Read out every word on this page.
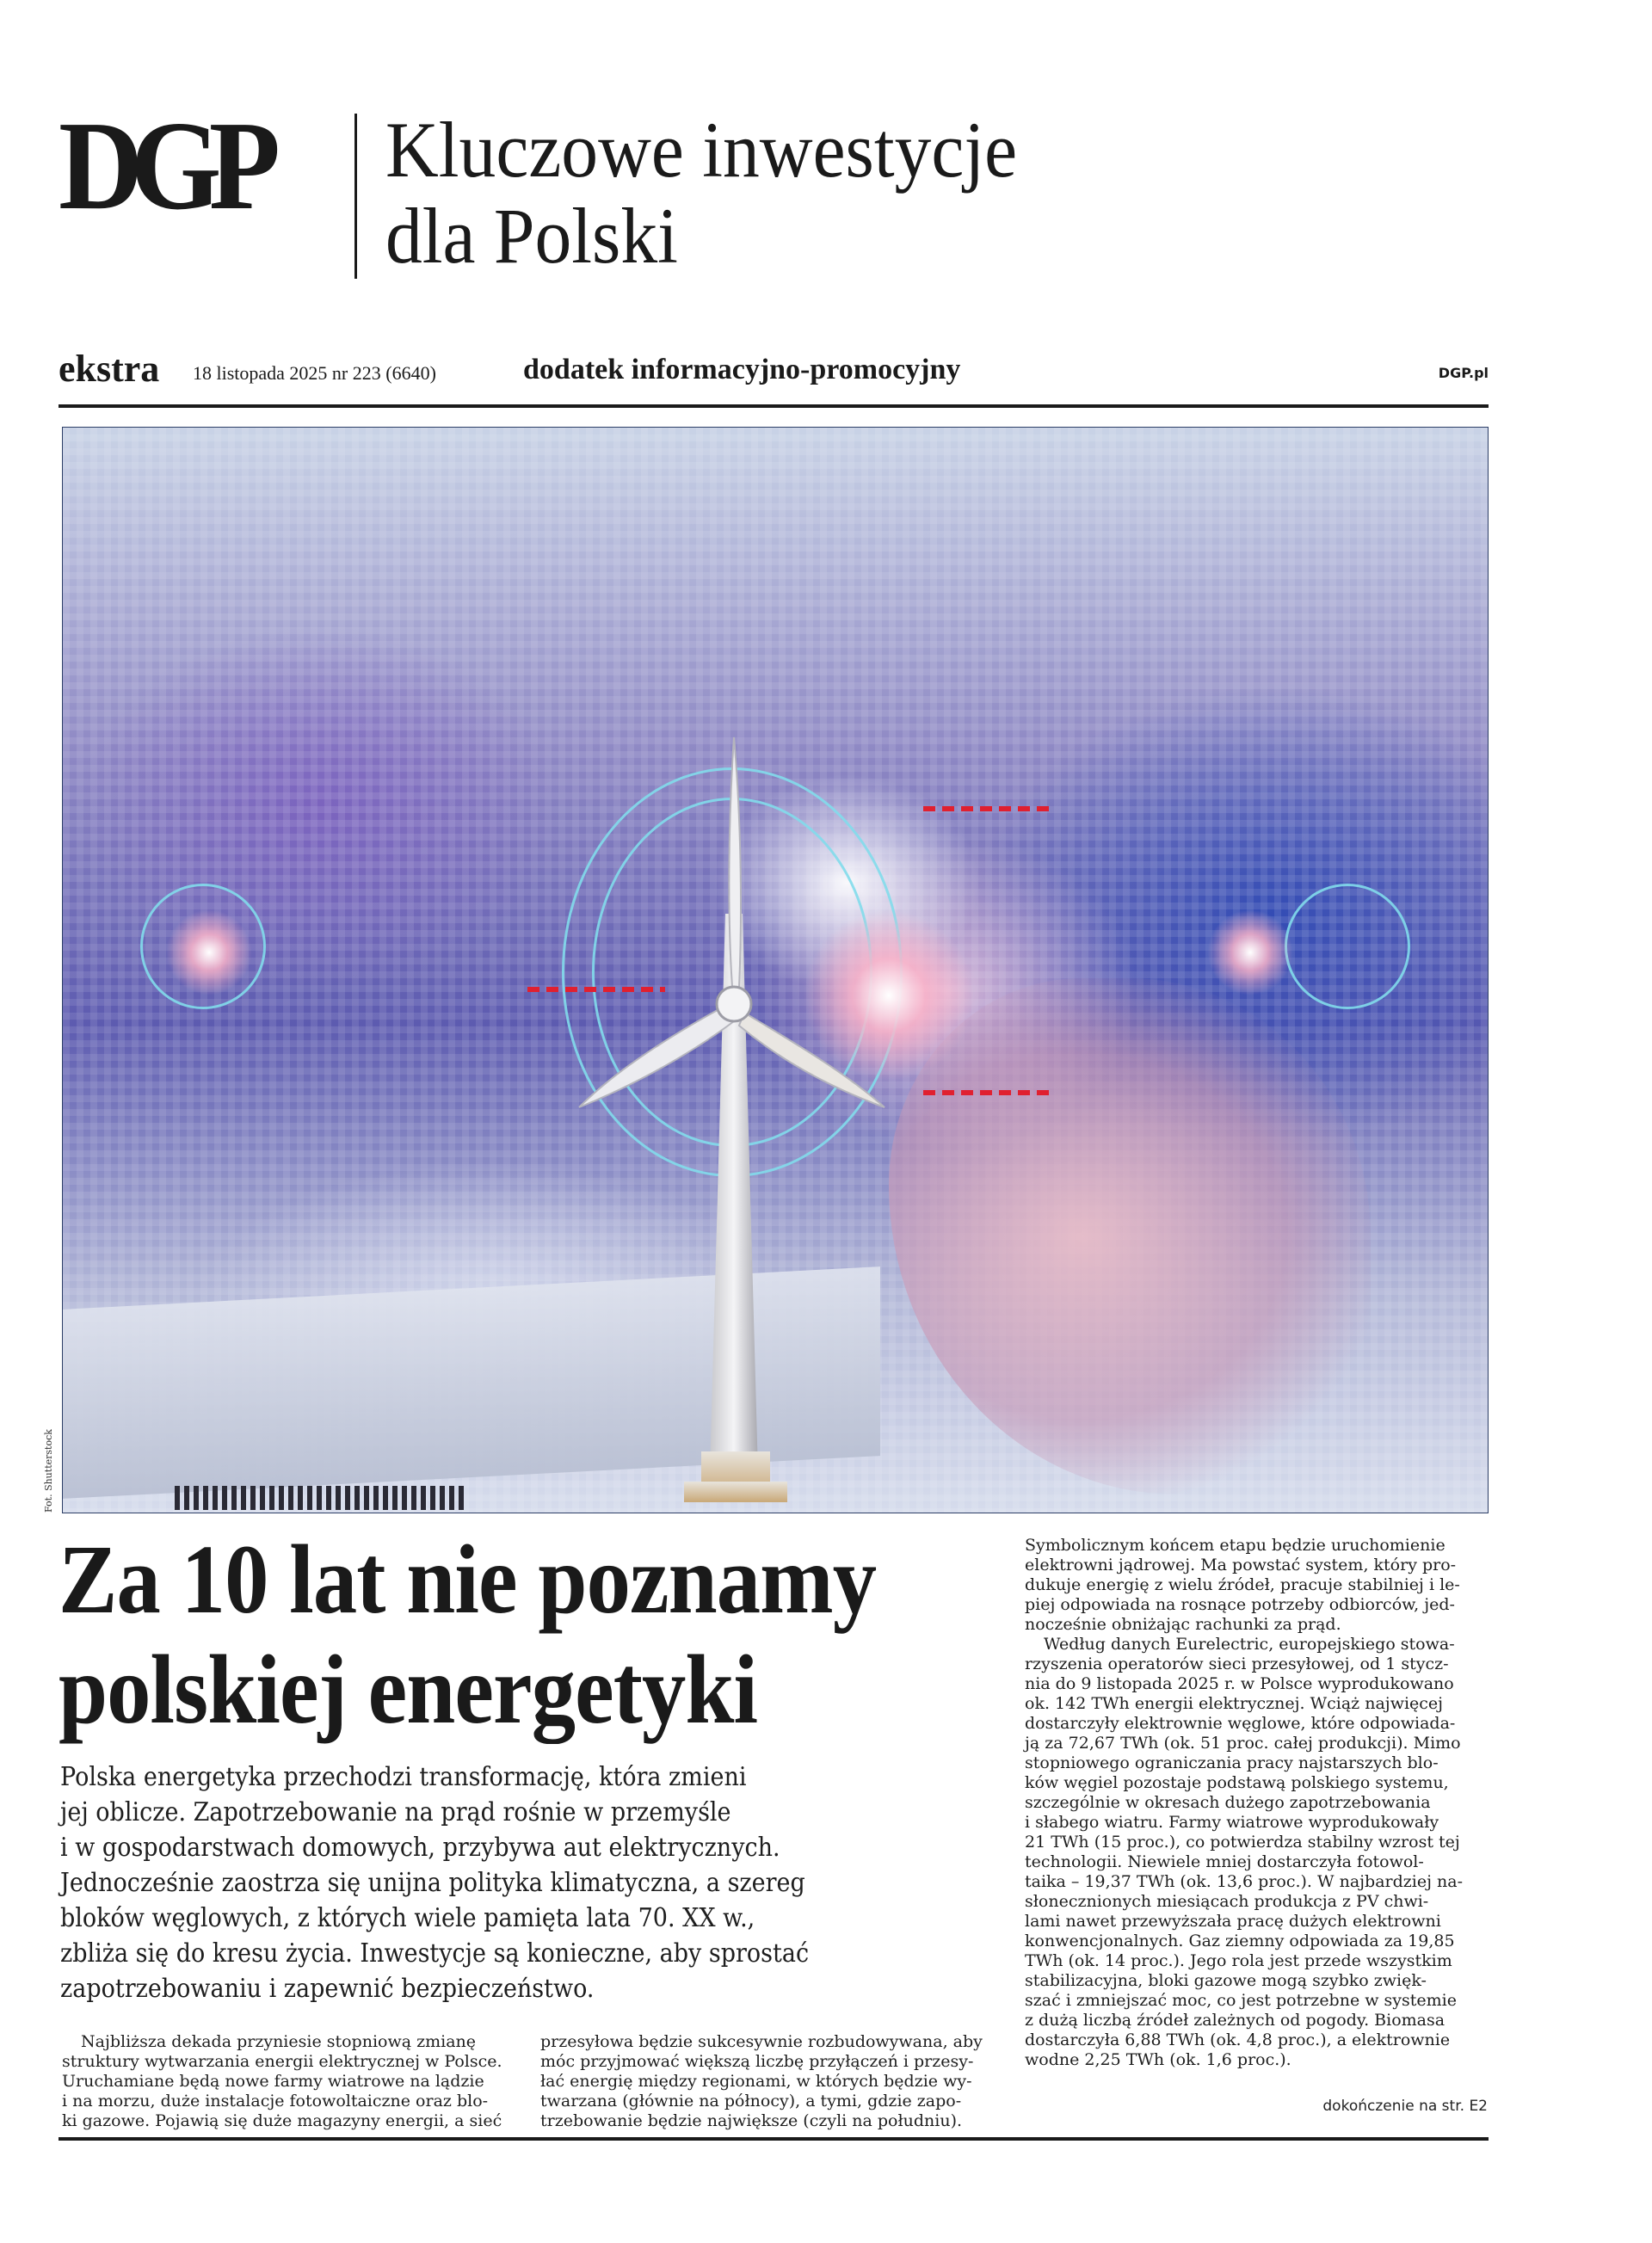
DGP Kluczowe inwestycje
dla Polski
ekstra 18 listopada 2025 nr 223 (6640)	dodatek informacyjno-promocyjny	DGP.pl
Fot. Shutterstock
Za 10 lat nie poznamy
polskiej energetyki
Polska energetyka przechodzi transformację, która zmieni
jej oblicze. Zapotrzebowanie na prąd rośnie w przemyśle
i w gospodarstwach domowych, przybywa aut elektrycznych.
Jednocześnie zaostrza się unijna polityka klimatyczna, a szereg
bloków węglowych, z których wiele pamięta lata 70. XX w.,
zbliża się do kresu życia. Inwestycje są konieczne, aby sprostać
zapotrzebowaniu i zapewnić bezpieczeństwo.
Najbliższa dekada przyniesie stopniową zmianę
struktury wytwarzania energii elektrycznej w Polsce.
Uruchamiane będą nowe farmy wiatrowe na lądzie
i na morzu, duże instalacje fotowoltaiczne oraz blo-
ki gazowe. Pojawią się duże magazyny energii, a sieć
przesyłowa będzie sukcesywnie rozbudowywana, aby
móc przyjmować większą liczbę przyłączeń i przesy-
łać energię między regionami, w których będzie wy-
twarzana (głównie na północy), a tymi, gdzie zapo-
trzebowanie będzie największe (czyli na południu).
Symbolicznym końcem etapu będzie uruchomienie
elektrowni jądrowej. Ma powstać system, który pro-
dukuje energię z wielu źródeł, pracuje stabilniej i le-
piej odpowiada na rosnące potrzeby odbiorców, jed-
nocześnie obniżając rachunki za prąd.
Według danych Eurelectric, europejskiego stowa-
rzyszenia operatorów sieci przesyłowej, od 1 stycz-
nia do 9 listopada 2025 r. w Polsce wyprodukowano
ok. 142 TWh energii elektrycznej. Wciąż najwięcej
dostarczyły elektrownie węglowe, które odpowiada-
ją za 72,67 TWh (ok. 51 proc. całej produkcji). Mimo
stopniowego ograniczania pracy najstarszych blo-
ków węgiel pozostaje podstawą polskiego systemu,
szczególnie w okresach dużego zapotrzebowania
i słabego wiatru. Farmy wiatrowe wyprodukowały
21 TWh (15 proc.), co potwierdza stabilny wzrost tej
technologii. Niewiele mniej dostarczyła fotowol-
taika – 19,37 TWh (ok. 13,6 proc.). W najbardziej na-
słonecznionych miesiącach produkcja z PV chwi-
lami nawet przewyższała pracę dużych elektrowni
konwencjonalnych. Gaz ziemny odpowiada za 19,85
TWh (ok. 14 proc.). Jego rola jest przede wszystkim
stabilizacyjna, bloki gazowe mogą szybko zwięk-
szać i zmniejszać moc, co jest potrzebne w systemie
z dużą liczbą źródeł zależnych od pogody. Biomasa
dostarczyła 6,88 TWh (ok. 4,8 proc.), a elektrownie
wodne 2,25 TWh (ok. 1,6 proc.).
dokończenie na str. E2
